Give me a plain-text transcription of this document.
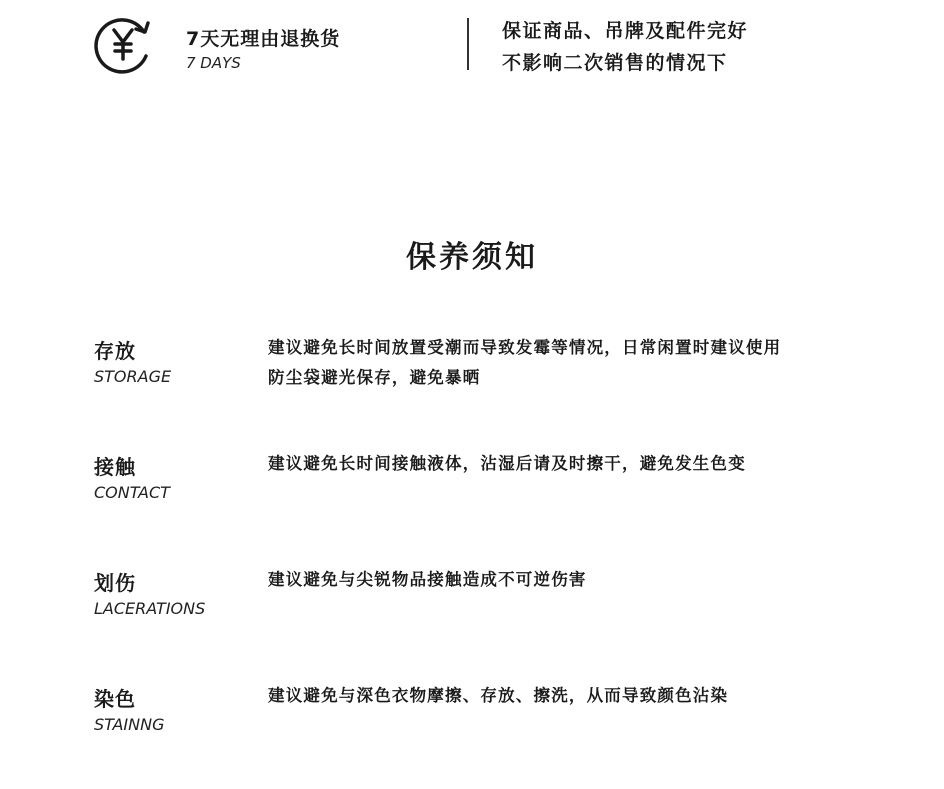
7天无理由退换货
7 DAYS
保证商品、吊牌及配件完好
不影响二次销售的情况下
保养须知
存放
STORAGE
建议避免长时间放置受潮而导致发霉等情况，日常闲置时建议使用
防尘袋避光保存，避免暴晒
接触
CONTACT
建议避免长时间接触液体，沾湿后请及时擦干，避免发生色变
划伤
LACERATIONS
建议避免与尖锐物品接触造成不可逆伤害
染色
STAINNG
建议避免与深色衣物摩擦、存放、擦洗，从而导致颜色沾染
